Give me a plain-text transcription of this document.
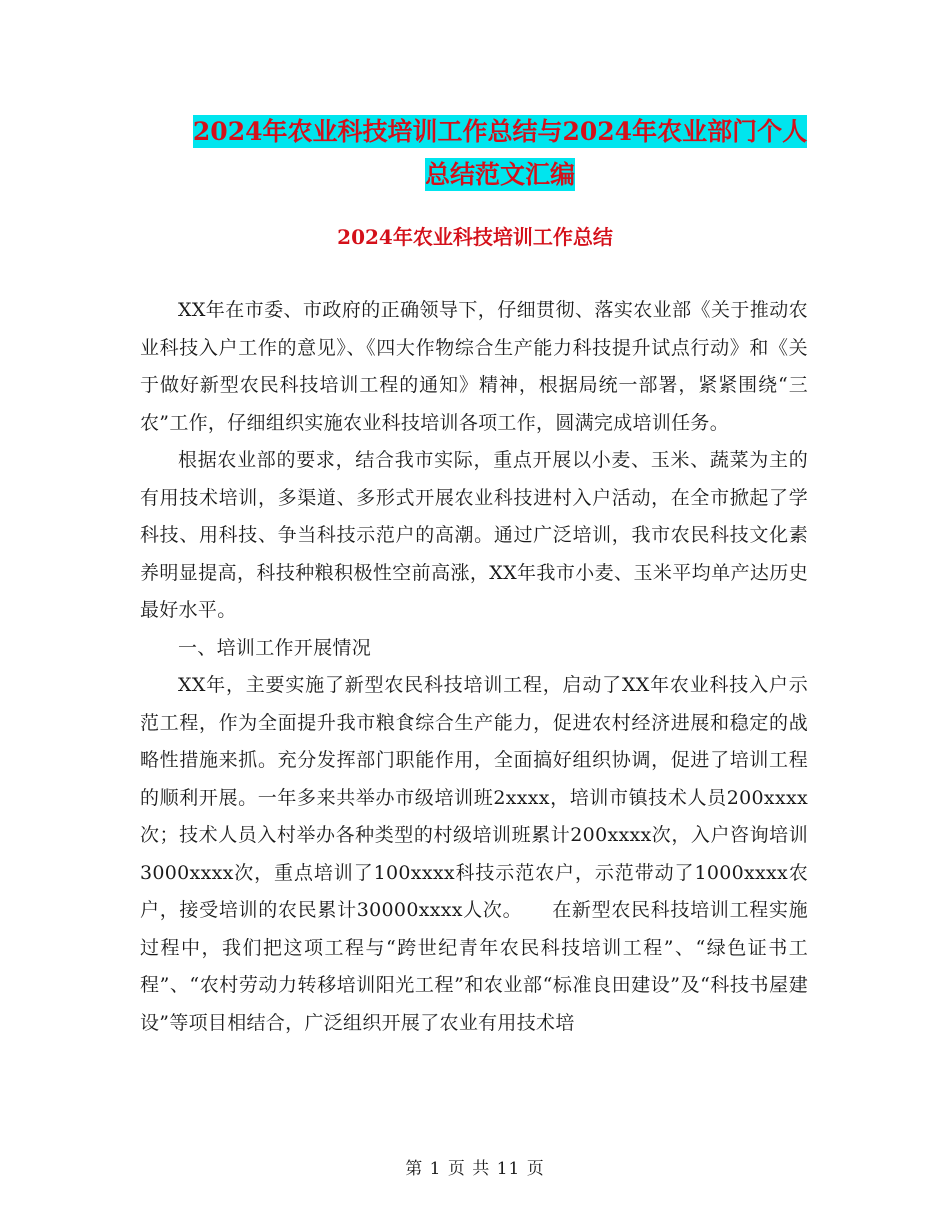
2024年农业科技培训工作总结与2024年农业部门个人
总结范文汇编
2024年农业科技培训工作总结

XX年在市委、市政府的正确领导下，仔细贯彻、落实农业部《关于推动农业科技入户工作的意见》、《四大作物综合生产能力科技提升试点行动》和《关于做好新型农民科技培训工程的通知》精神，根据局统一部署，紧紧围绕“三农”工作，仔细组织实施农业科技培训各项工作，圆满完成培训任务。

根据农业部的要求，结合我市实际，重点开展以小麦、玉米、蔬菜为主的有用技术培训，多渠道、多形式开展农业科技进村入户活动，在全市掀起了学科技、用科技、争当科技示范户的高潮。通过广泛培训，我市农民科技文化素养明显提高，科技种粮积极性空前高涨，XX年我市小麦、玉米平均单产达历史最好水平。

一、培训工作开展情况

XX年，主要实施了新型农民科技培训工程，启动了XX年农业科技入户示范工程，作为全面提升我市粮食综合生产能力，促进农村经济进展和稳定的战略性措施来抓。充分发挥部门职能作用，全面搞好组织协调，促进了培训工程的顺利开展。一年多来共举办市级培训班2xxxx，培训市镇技术人员200xxxx次；技术人员入村举办各种类型的村级培训班累计200xxxx次，入户咨询培训3000xxxx次，重点培训了100xxxx科技示范农户，示范带动了1000xxxx农户，接受培训的农民累计30000xxxx人次。　　在新型农民科技培训工程实施过程中，我们把这项工程与“跨世纪青年农民科技培训工程”、“绿色证书工程”、“农村劳动力转移培训阳光工程”和农业部“标准良田建设”及“科技书屋建设”等项目相结合，广泛组织开展了农业有用技术培

第 1 页 共 11 页
